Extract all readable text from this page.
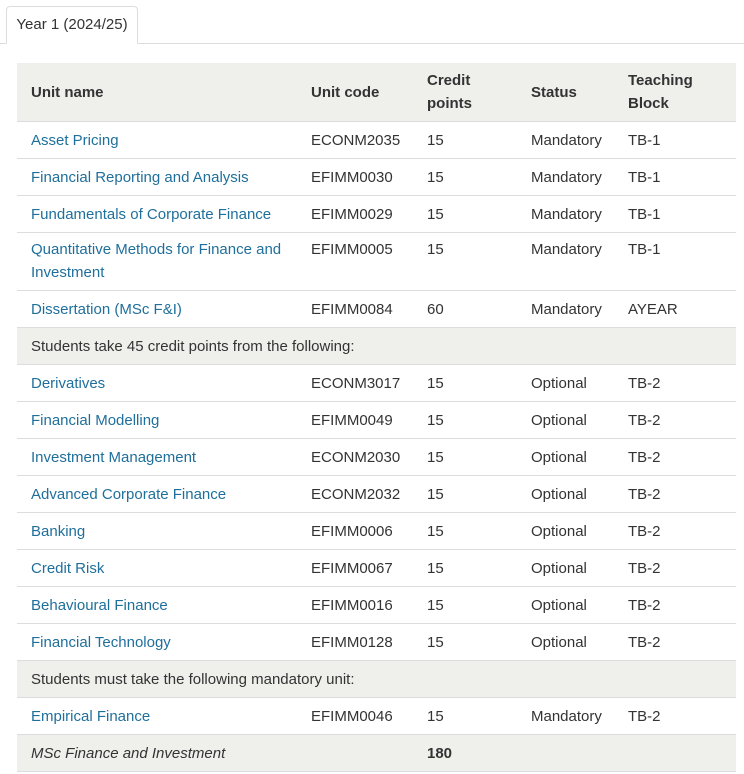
Year 1 (2024/25)
Unit name	Unit code	Credit points	Status	Teaching Block
Asset Pricing	ECONM2035	15	Mandatory	TB-1
Financial Reporting and Analysis	EFIMM0030	15	Mandatory	TB-1
Fundamentals of Corporate Finance	EFIMM0029	15	Mandatory	TB-1
Quantitative Methods for Finance and Investment	EFIMM0005	15	Mandatory	TB-1
Dissertation (MSc F&I)	EFIMM0084	60	Mandatory	AYEAR
Students take 45 credit points from the following:				
Derivatives	ECONM3017	15	Optional	TB-2
Financial Modelling	EFIMM0049	15	Optional	TB-2
Investment Management	ECONM2030	15	Optional	TB-2
Advanced Corporate Finance	ECONM2032	15	Optional	TB-2
Banking	EFIMM0006	15	Optional	TB-2
Credit Risk	EFIMM0067	15	Optional	TB-2
Behavioural Finance	EFIMM0016	15	Optional	TB-2
Financial Technology	EFIMM0128	15	Optional	TB-2
Students must take the following mandatory unit:				
Empirical Finance	EFIMM0046	15	Mandatory	TB-2
MSc Finance and Investment		180		
